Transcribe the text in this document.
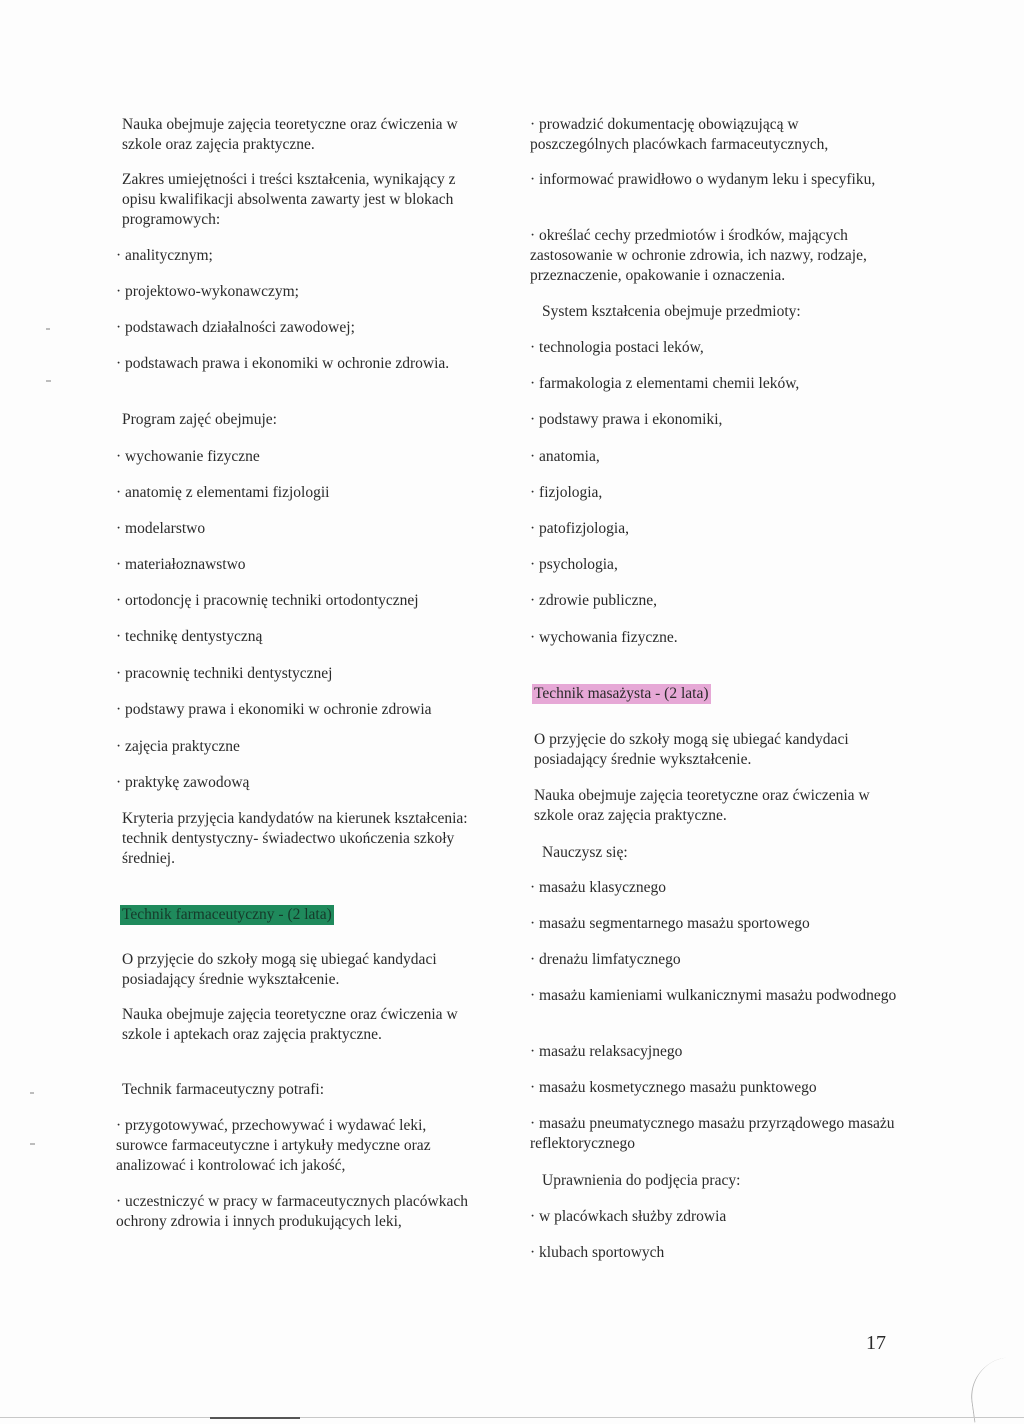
Nauka obejmuje zajęcia teoretyczne oraz ćwiczenia w szkole oraz zajęcia praktyczne.

Zakres umiejętności i treści kształcenia, wynikający z opisu kwalifikacji absolwenta zawarty jest w blokach programowych:

· analitycznym;

· projektowo-wykonawczym;

· podstawach działalności zawodowej;

· podstawach prawa i ekonomiki w ochronie zdrowia.

Program zajęć obejmuje:

· wychowanie fizyczne

· anatomię z elementami fizjologii

· modelarstwo

· materiałoznawstwo

· ortodoncję i pracownię techniki ortodontycznej

· technikę dentystyczną

· pracownię techniki dentystycznej

· podstawy prawa i ekonomiki w ochronie zdrowia

· zajęcia praktyczne

· praktykę zawodową

Kryteria przyjęcia kandydatów na kierunek kształcenia: technik dentystyczny- świadectwo ukończenia szkoły średniej.

Technik farmaceutyczny - (2 lata)

O przyjęcie do szkoły mogą się ubiegać kandydaci posiadający średnie wykształcenie.

Nauka obejmuje zajęcia teoretyczne oraz ćwiczenia w szkole i aptekach oraz zajęcia praktyczne.

Technik farmaceutyczny potrafi:

· przygotowywać, przechowywać i wydawać leki, surowce farmaceutyczne i artykuły medyczne oraz analizować i kontrolować ich jakość,

· uczestniczyć w pracy w farmaceutycznych placówkach ochrony zdrowia i innych produkujących leki,

· prowadzić dokumentację obowiązującą w poszczególnych placówkach farmaceutycznych,

· informować prawidłowo o wydanym leku i specyfiku,

· określać cechy przedmiotów i środków, mających zastosowanie w ochronie zdrowia, ich nazwy, rodzaje, przeznaczenie, opakowanie i oznaczenia.

System kształcenia obejmuje przedmioty:

· technologia postaci leków,

· farmakologia z elementami chemii leków,

· podstawy prawa i ekonomiki,

· anatomia,

· fizjologia,

· patofizjologia,

· psychologia,

· zdrowie publiczne,

· wychowania fizyczne.

Technik masażysta - (2 lata)

O przyjęcie do szkoły mogą się ubiegać kandydaci posiadający średnie wykształcenie.

Nauka obejmuje zajęcia teoretyczne oraz ćwiczenia w szkole oraz zajęcia praktyczne.

Nauczysz się:

· masażu klasycznego

· masażu segmentarnego masażu sportowego

· drenażu limfatycznego

· masażu kamieniami wulkanicznymi masażu podwodnego

· masażu relaksacyjnego

· masażu kosmetycznego masażu punktowego

· masażu pneumatycznego masażu przyrządowego masażu reflektorycznego

Uprawnienia do podjęcia pracy:

· w placówkach służby zdrowia

· klubach sportowych

17
